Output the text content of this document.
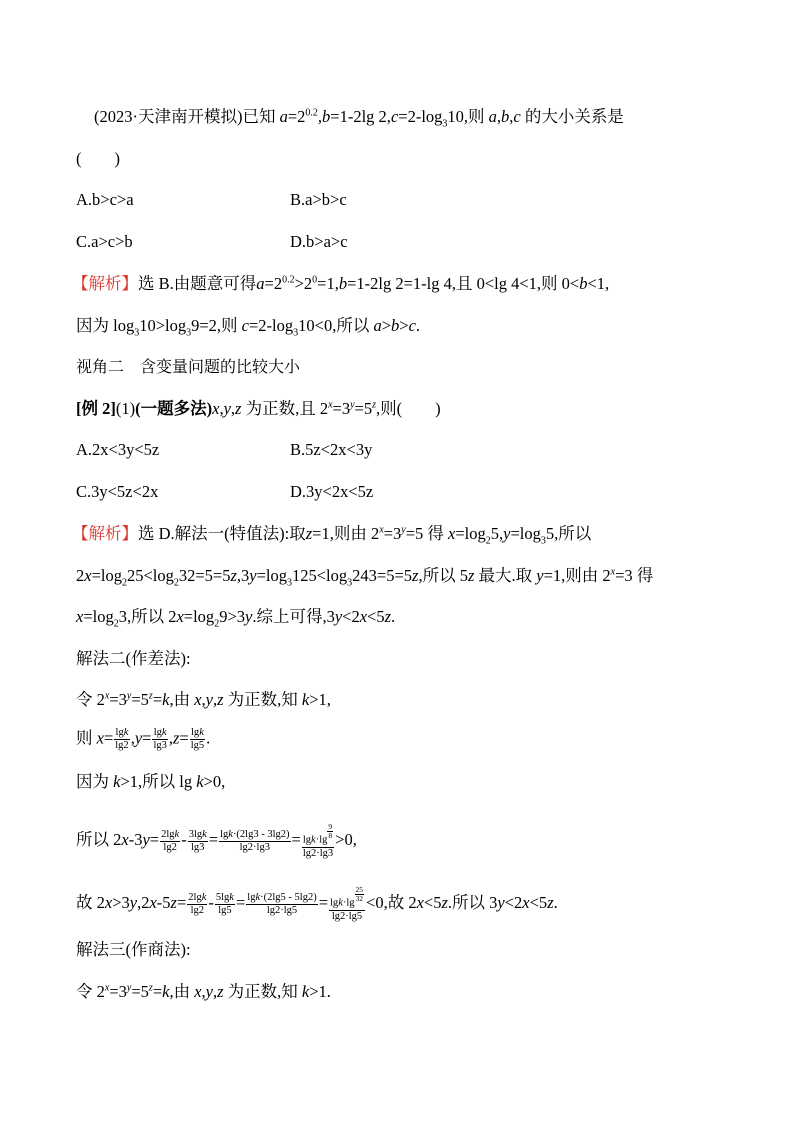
(2023·天津南开模拟)已知 $a=2^{0.2},b=1-2\lg$ $2,c=2-\log_310$,则 a,b,c 的大小关系是
(　　)
A.b>c>a	B.a>b>c
C.a>c>b	D.b>a>c
【解析】选 B.由题意可得$a=2^{0.2}>2^0=1,b=1-2\lg$ 2=1-lg 4,且 0<lg 4<1,则 0<b<1,
因为 $\log_310>\log_39=2$,则 $c=2-\log_310<0$,所以 a>b>c.
视角二　含变量问题的比较大小
[例 2](1)(一题多法)x,y,z 为正数,且 $2^x=3^y=5^z$,则(　　)
A.2x<3y<5z	B.5z<2x<3y
C.3y<5z<2x	D.3y<2x<5z
【解析】选 D.解法一(特值法):取z=1,则由 $2^x=3^y=5$ 得 $x=\log_25,y=\log_35$,所以
$2x=\log_225<\log_232=5=5z,3y=\log_3125<\log_3243=5=5z$,所以 5z 最大.取 y=1,则由 $2^x=3$ 得
$x=\log_23$,所以 $2x=\log_29>3y$.综上可得,3y<2x<5z.
解法二(作差法):
令 $2^x=3^y=5^z=k$,由 x,y,z 为正数,知 k>1,
则 $x= \frac{\lg k}{\lg 2} ,y= \frac{\lg k}{\lg 3} ,z= \frac{\lg k}{\lg 5}$ .
因为 k>1,所以 lg k>0,
所以 $2x-3y= \frac{2\lg k}{\lg 2} - \frac{3\lg k}{\lg 3} = \frac{\lg k\cdot(2\lg 3 - 3\lg 2)}{\lg 2\cdot\lg 3} = \frac{\lg k\cdot\lg \frac{9}{8}}{\lg 2\cdot\lg 3} >0$,
故 $2x>3y,2x-5z= \frac{2\lg k}{\lg 2} - \frac{5\lg k}{\lg 5} = \frac{\lg k\cdot(2\lg 5 - 5\lg 2)}{\lg 2\cdot\lg 5} = \frac{\lg k\cdot\lg \frac{25}{32}}{\lg 2\cdot\lg 5} <0$,故 2x<5z.所以 3y<2x<5z.
解法三(作商法):
令 $2^x=3^y=5^z=k$,由 x,y,z 为正数,知 k>1.
